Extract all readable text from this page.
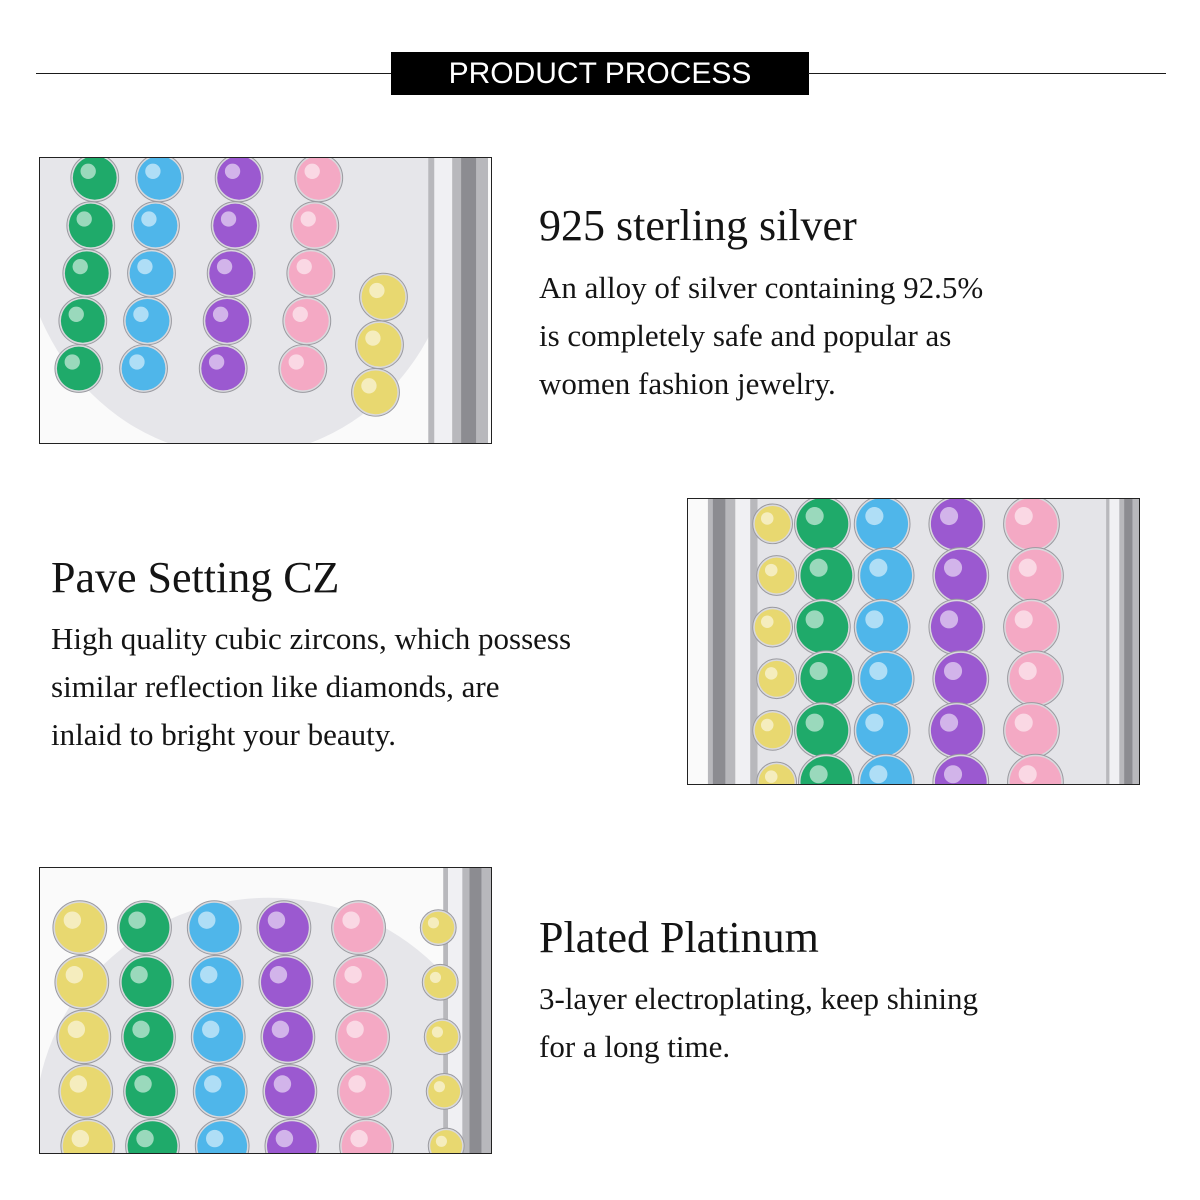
PRODUCT PROCESS
925 sterling silver
An alloy of silver containing 92.5%
is completely safe and popular as
women fashion jewelry.
Pave Setting CZ
High quality cubic zircons, which possess
similar reflection like diamonds, are
inlaid to bright your beauty.
Plated Platinum
3-layer electroplating, keep shining
for a long time.
